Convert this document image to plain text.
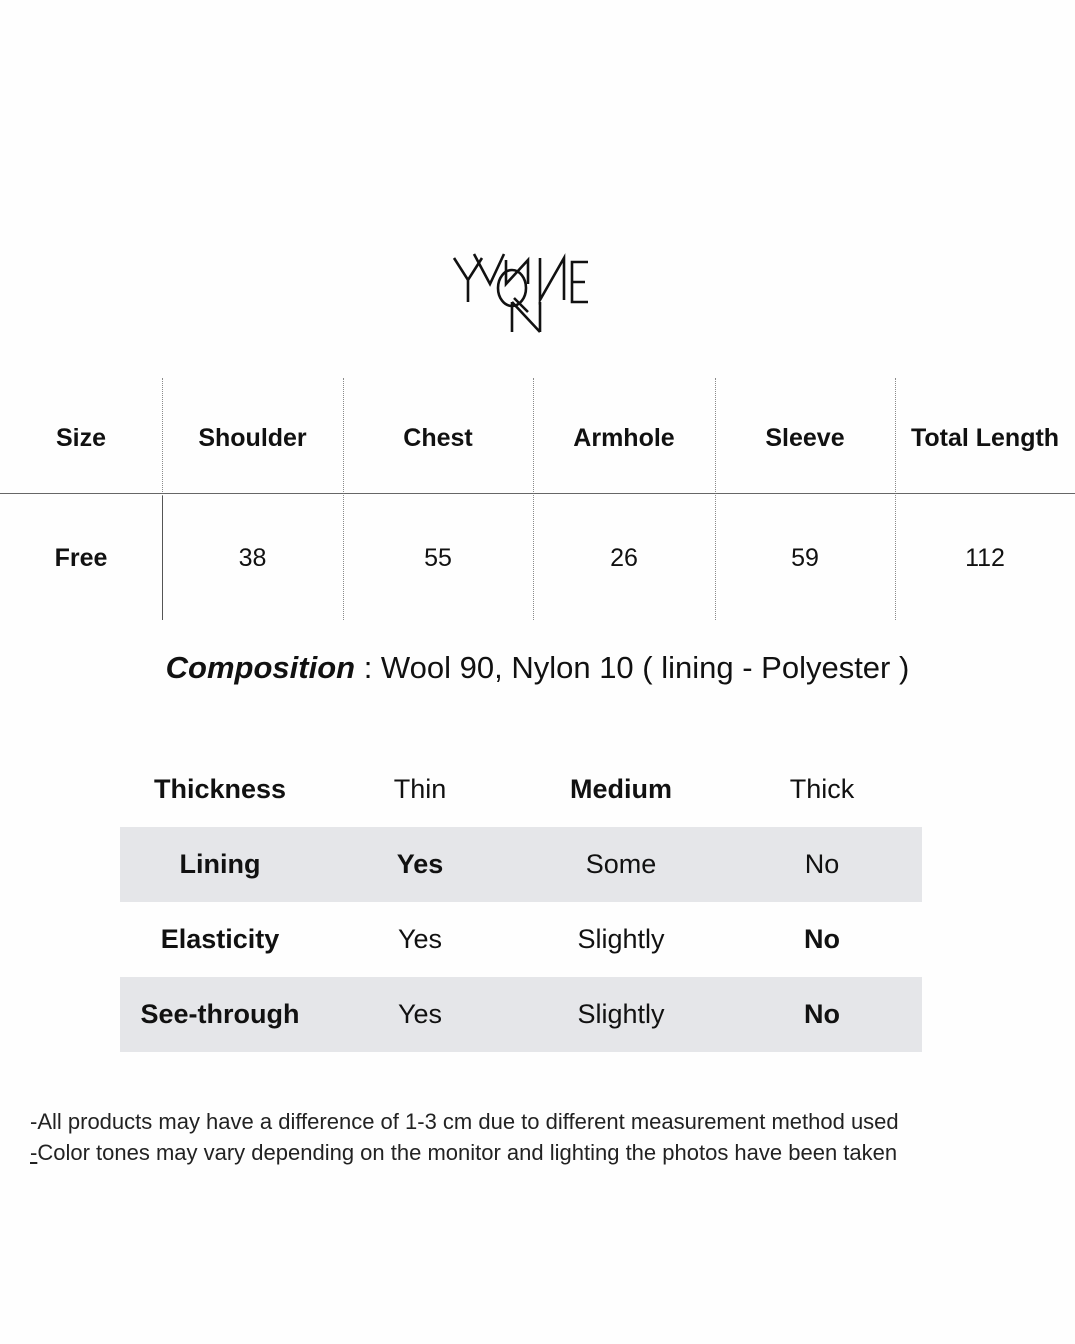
Size	Shoulder	Chest	Armhole	Sleeve	Total Length
Free	38	55	26	59	112
Composition : Wool 90, Nylon 10 ( lining - Polyester )
Thickness	Thin	Medium	Thick
Lining	Yes	Some	No
Elasticity	Yes	Slightly	No
See-through	Yes	Slightly	No
-All products may have a difference of 1-3 cm due to different measurement method used
-Color tones may vary depending on the monitor and lighting the photos have been taken
